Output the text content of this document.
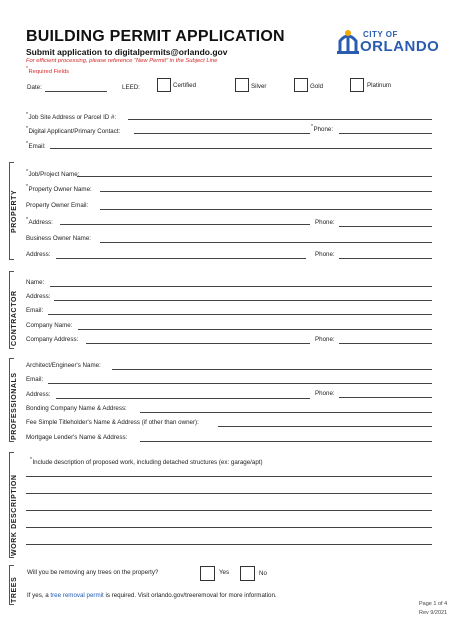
BUILDING PERMIT APPLICATION
Submit application to digitalpermits@orlando.gov
For efficient processing, please reference "New Permit" in the Subject Line
* Required Fields
CITY OF
ORLANDO
Date:	LEED:	Certified	Silver	Gold	Platinum
* Job Site Address or Parcel ID #:
* Digital Applicant/Primary Contact:
*	Phone:
* Email:
PROPERTY
* Job/Project Name:
* Property Owner Name:
Property Owner Email:
* Address:	Phone:
Business Owner Name:
Address:	Phone:
CONTRACTOR
Name:
Address:
Email:
Company Name:
Company Address:	Phone:
PROFESSIONALS
Architect/Engineer's Name:
Email:
Address:	Phone:
Bonding Company Name & Address:
Fee Simple Titleholder's Name & Address (if other than owner):
Mortgage Lender's Name & Address:
WORK DESCRIPTION
* Include description of proposed work, including detached structures (ex: garage/apt)
TREES
Will you be removing any trees on the property?	Yes	No
If yes, a tree removal permit is required. Visit orlando.gov/treeremoval for more information.
Page 1 of 4
Rev 9/2021
